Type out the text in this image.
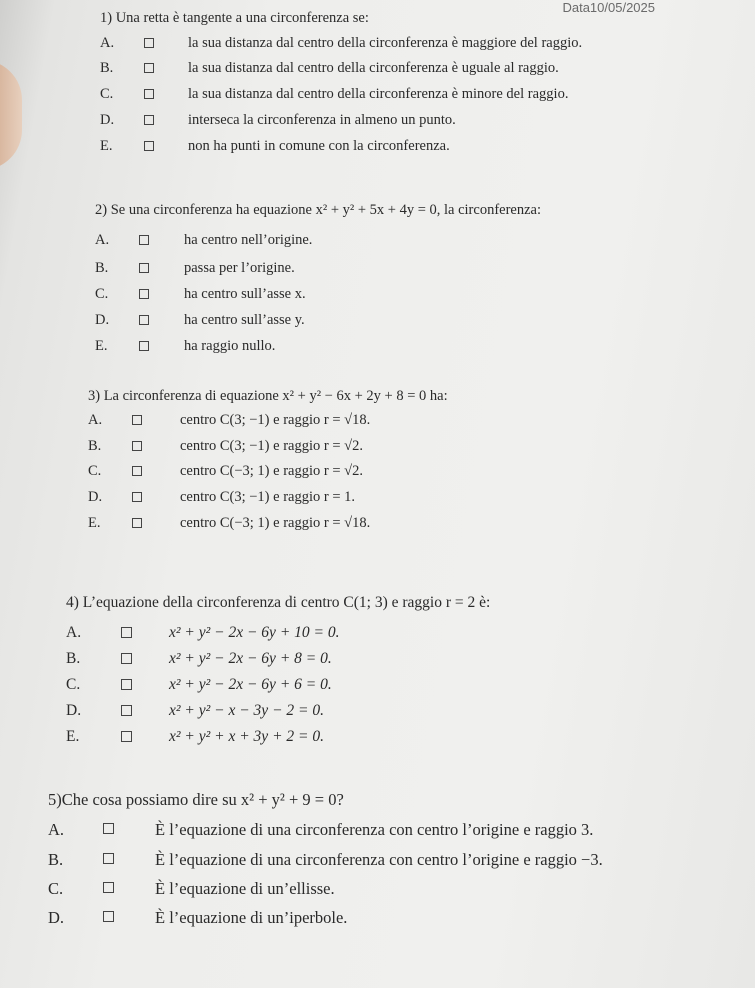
Data10/05/2025
1) Una retta è tangente a una circonferenza se:
A.	la sua distanza dal centro della circonferenza è maggiore del raggio.
B.	la sua distanza dal centro della circonferenza è uguale al raggio.
C.	la sua distanza dal centro della circonferenza è minore del raggio.
D.	interseca la circonferenza in almeno un punto.
E.	non ha punti in comune con la circonferenza.
2) Se una circonferenza ha equazione x² + y² + 5x + 4y = 0, la circonferenza:
A.	ha centro nell’origine.
B.	passa per l’origine.
C.	ha centro sull’asse x.
D.	ha centro sull’asse y.
E.	ha raggio nullo.
3) La circonferenza di equazione x² + y² − 6x + 2y + 8 = 0 ha:
A.	centro C(3; −1) e raggio r = √18.
B.	centro C(3; −1) e raggio r = √2.
C.	centro C(−3; 1) e raggio r = √2.
D.	centro C(3; −1) e raggio r = 1.
E.	centro C(−3; 1) e raggio r = √18.
4) L’equazione della circonferenza di centro C(1; 3) e raggio r = 2 è:
A.	x² + y² − 2x − 6y + 10 = 0.
B.	x² + y² − 2x − 6y + 8 = 0.
C.	x² + y² − 2x − 6y + 6 = 0.
D.	x² + y² − x − 3y − 2 = 0.
E.	x² + y² + x + 3y + 2 = 0.
5)Che cosa possiamo dire su x² + y² + 9 = 0?
A.	È l’equazione di una circonferenza con centro l’origine e raggio 3.
B.	È l’equazione di una circonferenza con centro l’origine e raggio −3.
C.	È l’equazione di un’ellisse.
D.	È l’equazione di un’iperbole.
